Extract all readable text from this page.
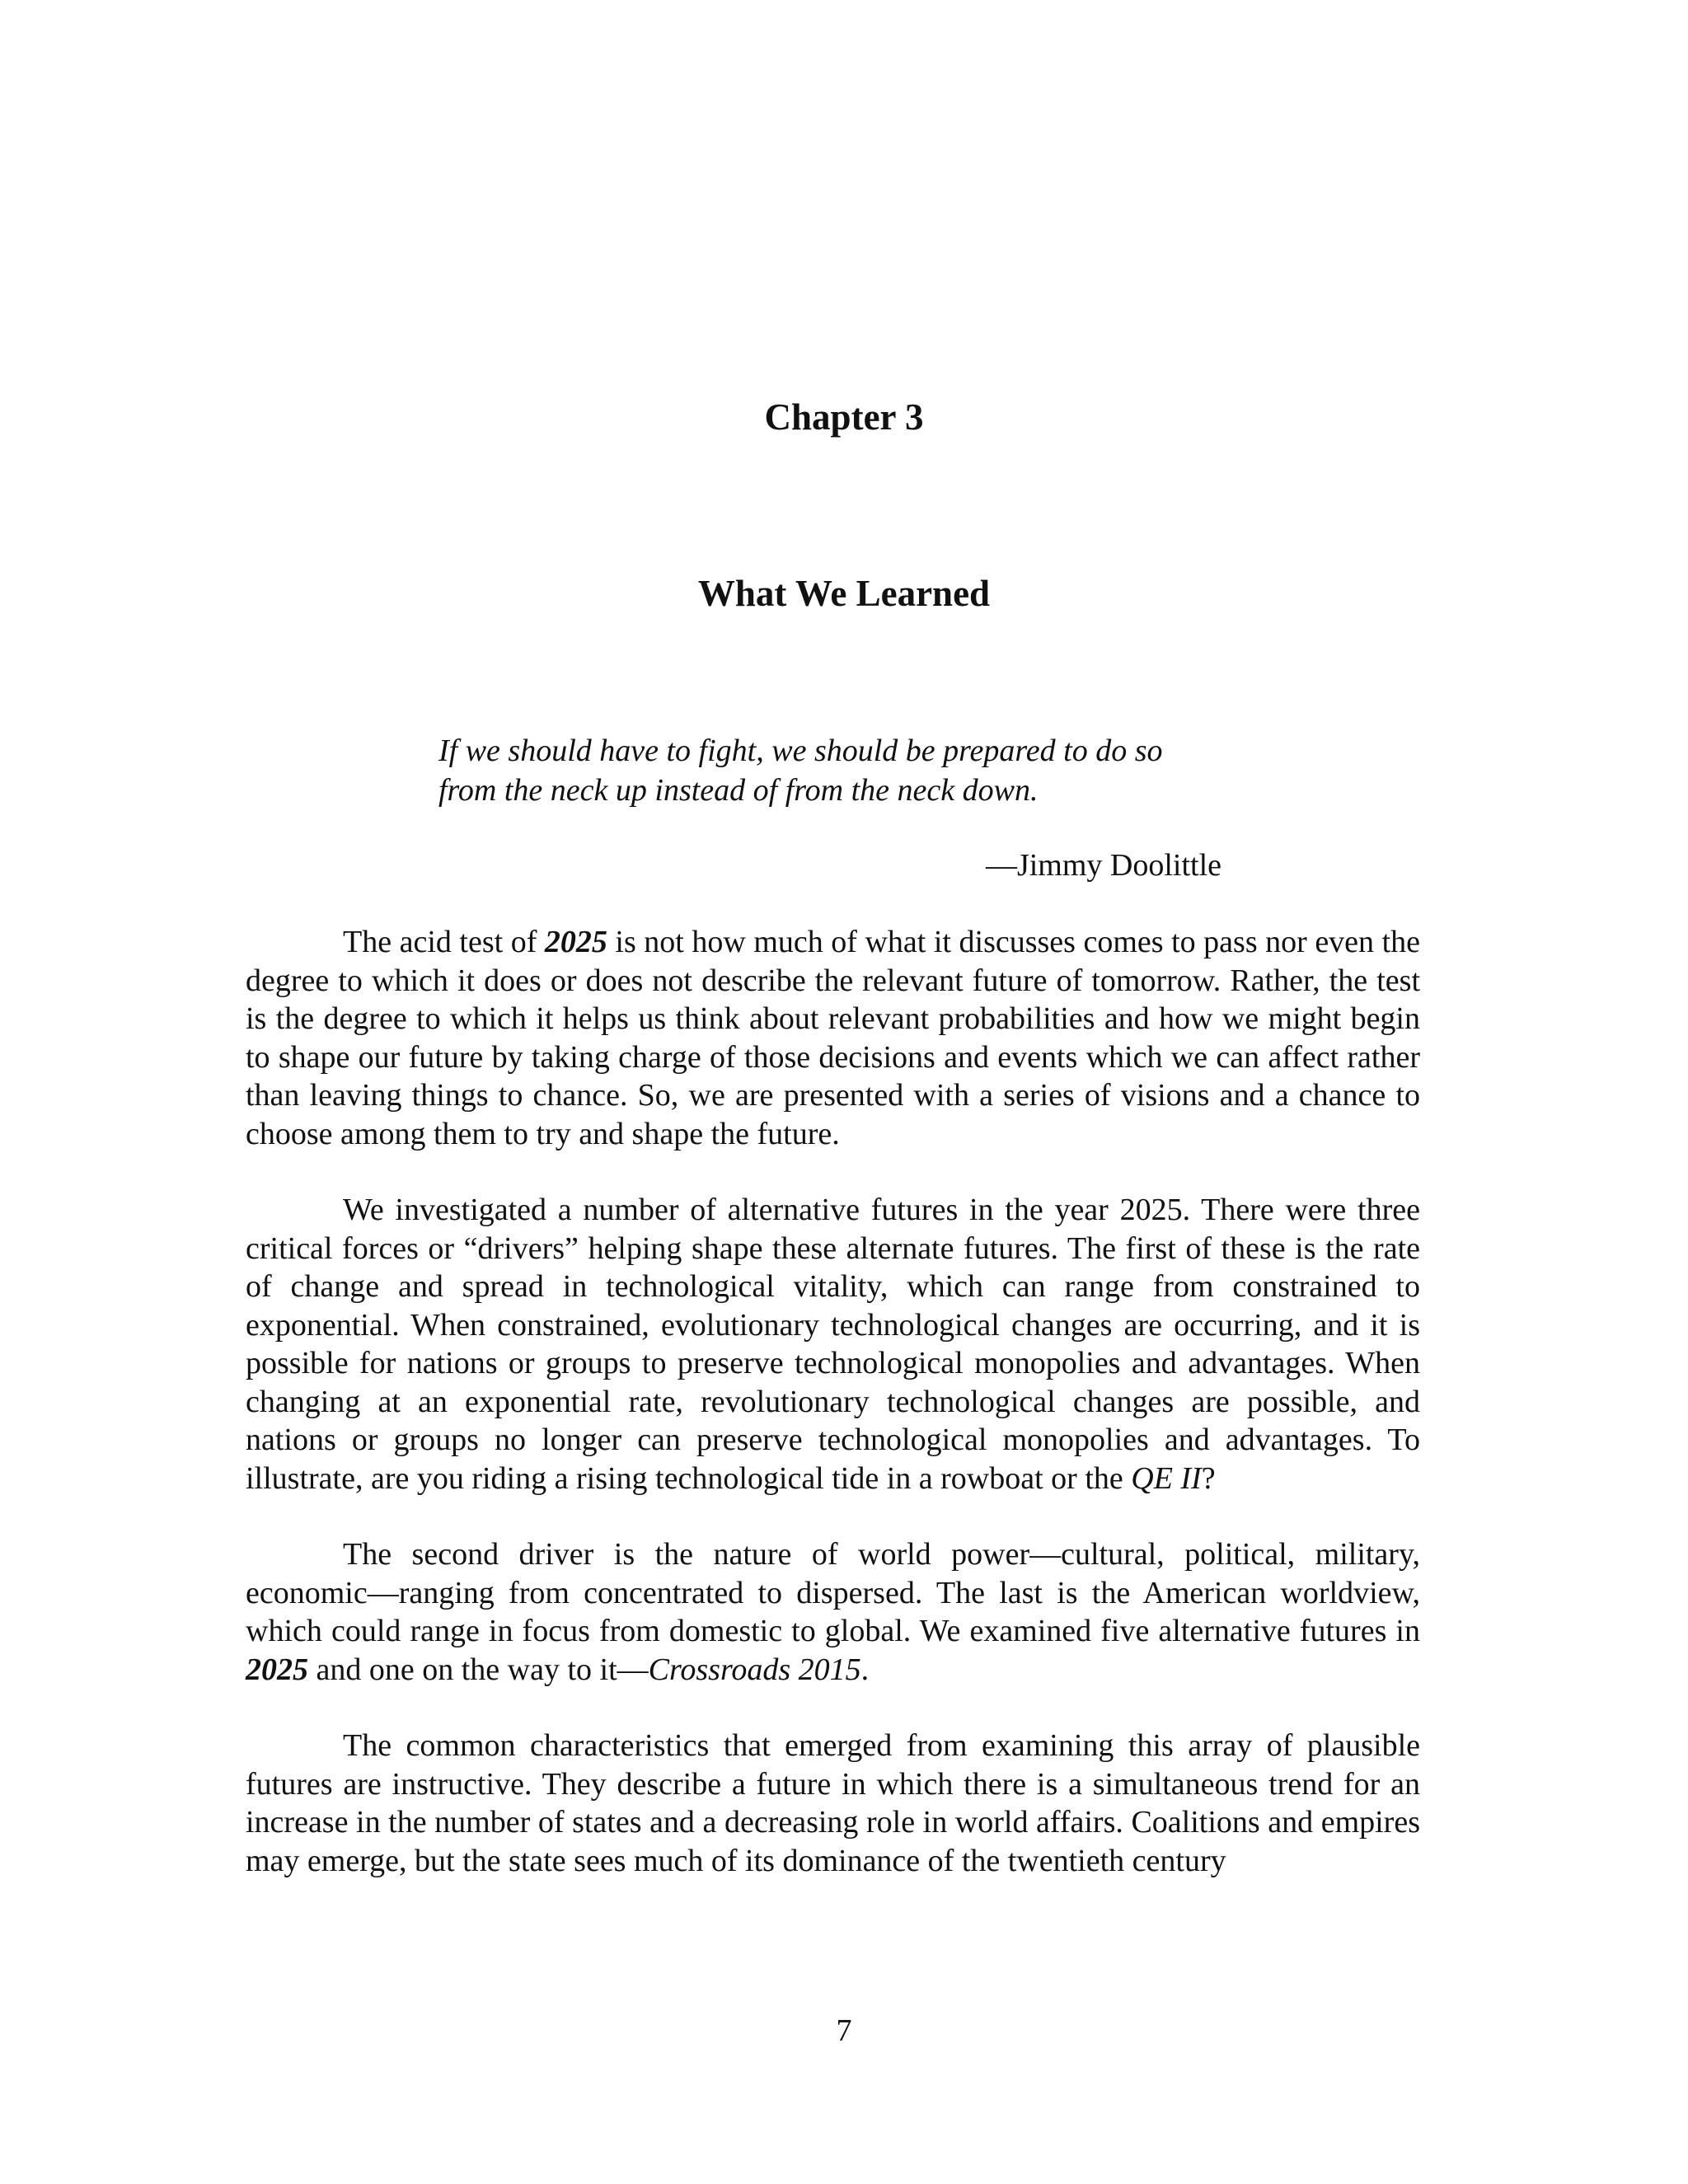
Chapter 3
What We Learned
If we should have to fight, we should be prepared to do so
from the neck up instead of from the neck down.

—Jimmy Doolittle

The acid test of 2025 is not how much of what it discusses comes to pass nor even the degree to which it does or does not describe the relevant future of tomorrow. Rather, the test is the degree to which it helps us think about relevant probabilities and how we might begin to shape our future by taking charge of those decisions and events which we can affect rather than leaving things to chance. So, we are presented with a series of visions and a chance to choose among them to try and shape the future.

We investigated a number of alternative futures in the year 2025. There were three critical forces or “drivers” helping shape these alternate futures. The first of these is the rate of change and spread in technological vitality, which can range from constrained to exponential. When constrained, evolutionary technological changes are occurring, and it is possible for nations or groups to preserve technological monopolies and advantages. When changing at an exponential rate, revolutionary technological changes are possible, and nations or groups no longer can preserve technological monopolies and advantages. To illustrate, are you riding a rising technological tide in a rowboat or the QE II?

The second driver is the nature of world power—cultural, political, military, economic—ranging from concentrated to dispersed. The last is the American worldview, which could range in focus from domestic to global. We examined five alternative futures in 2025 and one on the way to it—Crossroads 2015.

The common characteristics that emerged from examining this array of plausible futures are instructive. They describe a future in which there is a simultaneous trend for an increase in the number of states and a decreasing role in world affairs. Coalitions and empires may emerge, but the state sees much of its dominance of the twentieth century

7
